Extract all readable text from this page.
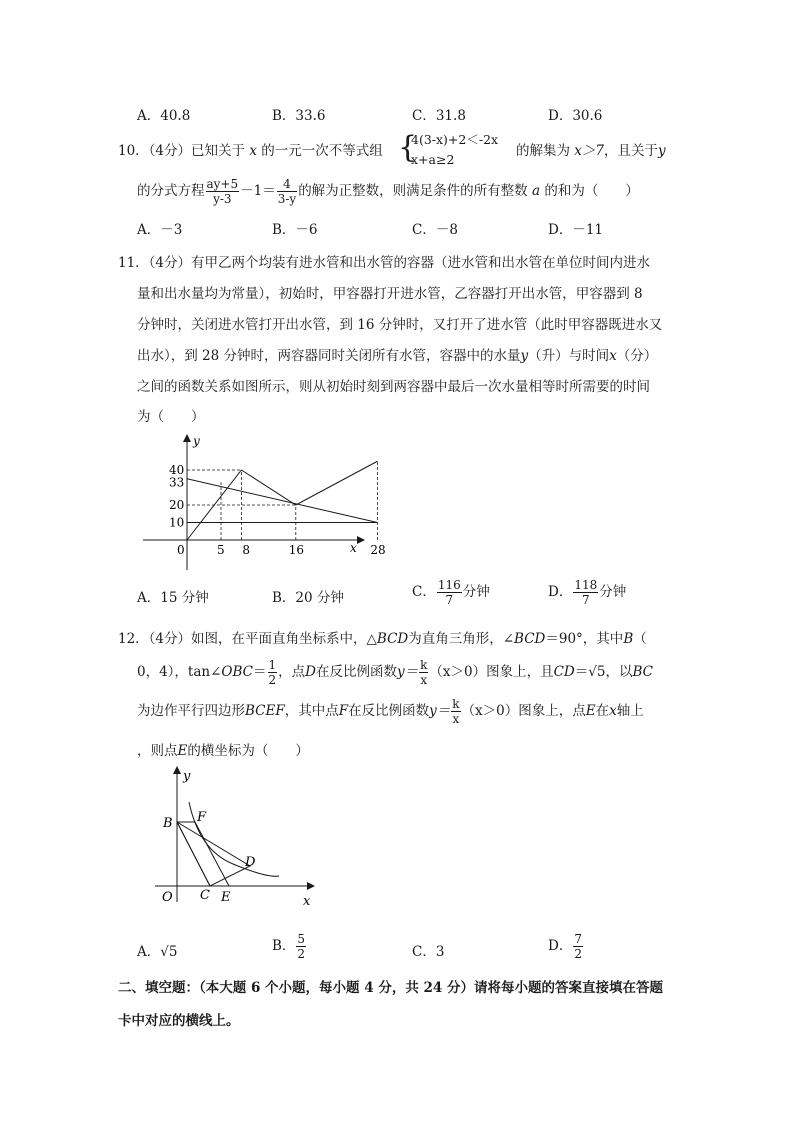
A．40.8	B．33.6	C．31.8	D．30.6
10．（4分）已知关于 x 的一元一次不等式组 {
4(3-x)+2＜-2x
x+a≥2
的解集为 x＞7，且关于y
的分式方程 $\frac{ay+5}{y-3} -1= \frac{4}{3-y}$ 的解为正整数，则满足条件的所有整数 a 的和为（　　）
A．－3	B．－6	C．－8	D．－11
11．（4分）有甲乙两个均装有进水管和出水管的容器（进水管和出水管在单位时间内进水
量和出水量均为常量），初始时，甲容器打开进水管，乙容器打开出水管，甲容器到 8
分钟时，关闭进水管打开出水管，到 16 分钟时，又打开了进水管（此时甲容器既进水又
出水），到 28 分钟时，两容器同时关闭所有水管，容器中的水量y（升）与时间x（分）
之间的函数关系如图所示，则从初始时刻到两容器中最后一次水量相等时所需要的时间
为（　　）
10
20
33
40
5 8	16	28
0
y
x
A．15 分钟	B．20 分钟	C． $\frac{116}{7}$ 分钟	D． $\frac{118}{7}$ 分钟
12．（4分）如图，在平面直角坐标系中，△BCD为直角三角形，∠BCD＝90°，其中B（
0，4），tan∠OBC＝ $\frac{1}{2}$ ，点D在反比例函数$y= \frac{k}{x} (x>0)$图象上，且CD＝√5，以BC
为边作平行四边形BCEF，其中点F在反比例函数$y= \frac{k}{x} (x>0)$图象上，点E在x轴上
，则点E的横坐标为（　　）
B F
D
C E
O
y
x
A．√5	B． $\frac{5}{2}$	C．3	D． $\frac{7}{2}$
二、填空题：（本大题 6 个小题，每小题 4 分，共 24 分）请将每小题的答案直接填在答题
卡中对应的横线上。
